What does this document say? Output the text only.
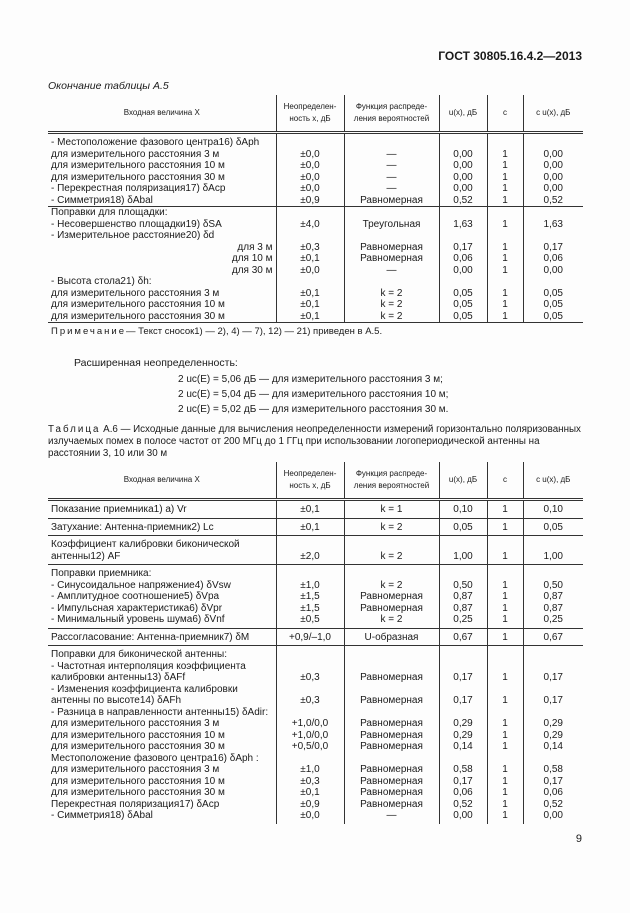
ГОСТ 30805.16.4.2—2013
Окончание таблицы А.5
Входная величина X	Неопределен-ность x, дБ	Функция распреде-ления вероятностей	u(x), дБ	c	c u(x), дБ
- Местоположение фазового центра16) δAph					
для измерительного расстояния 3 м	±0,0	—	0,00	1	0,00
для измерительного расстояния 10 м	±0,0	—	0,00	1	0,00
для измерительного расстояния 30 м	±0,0	—	0,00	1	0,00
- Перекрестная поляризация17) δAcp	±0,0	—	0,00	1	0,00
- Симметрия18) δAbal	±0,9	Равномерная	0,52	1	0,52
Поправки для площадки:					
- Несовершенство площадки19) δSA	±4,0	Треугольная	1,63	1	1,63
- Измерительное расстояние20) δd					
для 3 м	±0,3	Равномерная	0,17	1	0,17
для 10 м	±0,1	Равномерная	0,06	1	0,06
для 30 м	±0,0	—	0,00	1	0,00
- Высота стола21) δh:					
для измерительного расстояния 3 м	±0,1	k = 2	0,05	1	0,05
для измерительного расстояния 10 м	±0,1	k = 2	0,05	1	0,05
для измерительного расстояния 30 м	±0,1	k = 2	0,05	1	0,05
Примечание— Текст сносок1) — 2), 4) — 7), 12) — 21) приведен в А.5.					
Расширенная неопределенность:
2 uc(E) = 5,06 дБ — для измерительного расстояния 3 м;
2 uc(E) = 5,04 дБ — для измерительного расстояния 10 м;
2 uc(E) = 5,02 дБ — для измерительного расстояния 30 м.
Таблица А.6 — Исходные данные для вычисления неопределенности измерений горизонтально поляризованных излучаемых помех в полосе частот от 200 МГц до 1 ГГц при использовании логопериодической антенны на расстоянии 3, 10 или 30 м
Входная величина X	Неопределен-ность x, дБ	Функция распреде-ления вероятностей	u(x), дБ	c	c u(x), дБ
Показание приемника1) а) Vr	±0,1	k = 1	0,10	1	0,10
Затухание: Антенна-приемник2) Lc	±0,1	k = 2	0,05	1	0,05
Коэффициент калибровки биконической антенны12) AF	±2,0	k = 2	1,00	1	1,00
Поправки приемника:					
- Синусоидальное напряжение4) δVsw	±1,0	k = 2	0,50	1	0,50
- Амплитудное соотношение5) δVpa	±1,5	Равномерная	0,87	1	0,87
- Импульсная характеристика6) δVpr	±1,5	Равномерная	0,87	1	0,87
- Минимальный уровень шума6) δVnf	±0,5	k = 2	0,25	1	0,25
Рассогласование: Антенна-приемник7) δM	+0,9/–1,0	U-образная	0,67	1	0,67
Поправки для биконической антенны:					
- Частотная интерполяция коэффициента калибровки антенны13) δAFf	±0,3	Равномерная	0,17	1	0,17
- Изменения коэффициента калибровки антенны по высоте14) δAFh	±0,3	Равномерная	0,17	1	0,17
- Разница в направленности антенны15) δAdir:					
для измерительного расстояния 3 м	+1,0/0,0	Равномерная	0,29	1	0,29
для измерительного расстояния 10 м	+1,0/0,0	Равномерная	0,29	1	0,29
для измерительного расстояния 30 м	+0,5/0,0	Равномерная	0,14	1	0,14
Местоположение фазового центра16) δAph :					
для измерительного расстояния 3 м	±1,0	Равномерная	0,58	1	0,58
для измерительного расстояния 10 м	±0,3	Равномерная	0,17	1	0,17
для измерительного расстояния 30 м	±0,1	Равномерная	0,06	1	0,06
Перекрестная поляризация17) δAcp	±0,9	Равномерная	0,52	1	0,52
- Симметрия18) δAbal	±0,0	—	0,00	1	0,00
9
